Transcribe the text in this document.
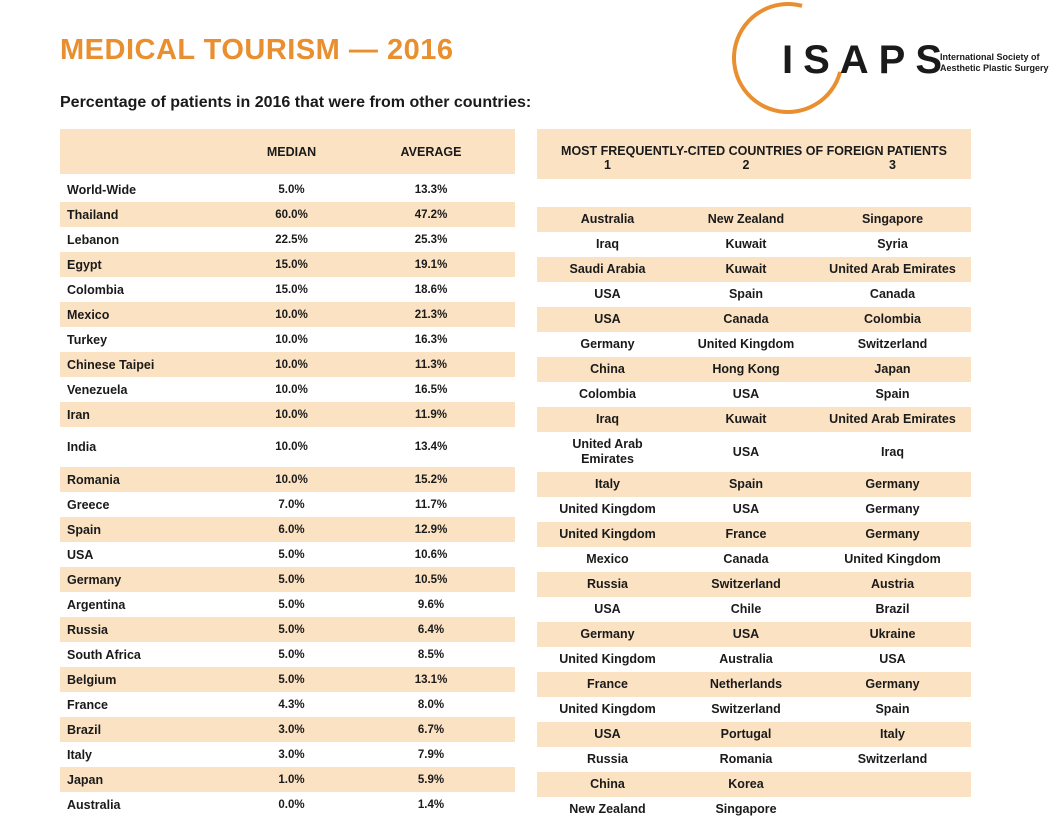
MEDICAL TOURISM — 2016
Percentage of patients in 2016 that were from other countries:
ISAPS
International Society of Aesthetic Plastic Surgery
	MEDIAN	AVERAGE

World-Wide	5.0%	13.3%
Thailand	60.0%	47.2%
Lebanon	22.5%	25.3%
Egypt	15.0%	19.1%
Colombia	15.0%	18.6%
Mexico	10.0%	21.3%
Turkey	10.0%	16.3%
Chinese Taipei	10.0%	11.3%
Venezuela	10.0%	16.5%
Iran	10.0%	11.9%
India	10.0%	13.4%
Romania	10.0%	15.2%
Greece	7.0%	11.7%
Spain	6.0%	12.9%
USA	5.0%	10.6%
Germany	5.0%	10.5%
Argentina	5.0%	9.6%
Russia	5.0%	6.4%
South Africa	5.0%	8.5%
Belgium	5.0%	13.1%
France	4.3%	8.0%
Brazil	3.0%	6.7%
Italy	3.0%	7.9%
Japan	1.0%	5.9%
Australia	0.0%	1.4%
MOST FREQUENTLY-CITED COUNTRIES OF FOREIGN PATIENTS		
1	2	3

Australia	New Zealand	Singapore
Iraq	Kuwait	Syria
Saudi Arabia	Kuwait	United Arab Emirates
USA	Spain	Canada
USA	Canada	Colombia
Germany	United Kingdom	Switzerland
China	Hong Kong	Japan
Colombia	USA	Spain
Iraq	Kuwait	United Arab Emirates
United Arab Emirates	USA	Iraq
Italy	Spain	Germany
United Kingdom	USA	Germany
United Kingdom	France	Germany
Mexico	Canada	United Kingdom
Russia	Switzerland	Austria
USA	Chile	Brazil
Germany	USA	Ukraine
United Kingdom	Australia	USA
France	Netherlands	Germany
United Kingdom	Switzerland	Spain
USA	Portugal	Italy
Russia	Romania	Switzerland
China	Korea	
New Zealand	Singapore	
